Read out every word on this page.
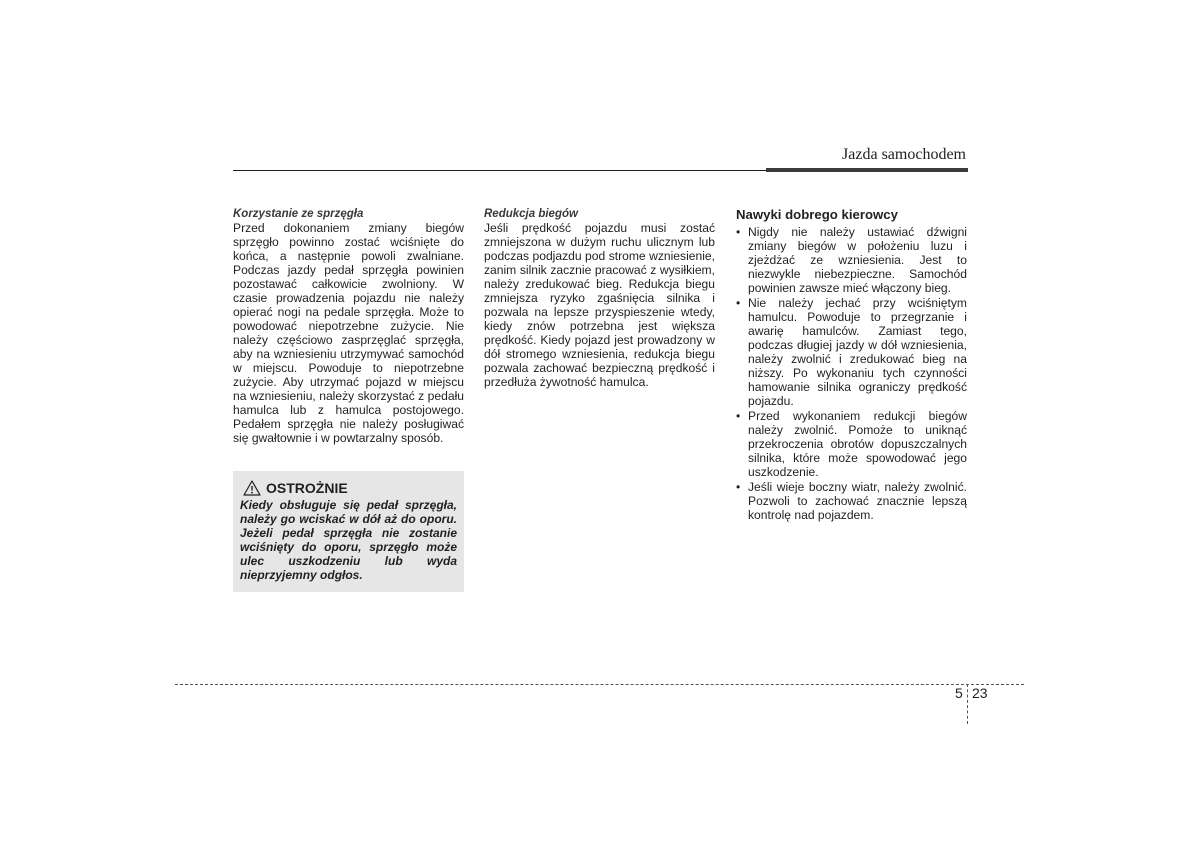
Jazda samochodem
Korzystanie ze sprzęgła

Przed dokonaniem zmiany biegów sprzęgło powinno zostać wciśnięte do końca, a następnie powoli zwalniane. Podczas jazdy pedał sprzęgła powinien pozostawać całkowicie zwolniony. W czasie prowadzenia pojazdu nie należy opierać nogi na pedale sprzęgła. Może to powodować niepotrzebne zużycie. Nie należy częściowo zasprzęglać sprzęgła, aby na wzniesieniu utrzymywać samochód w miejscu. Powoduje to niepotrzebne zużycie. Aby utrzymać pojazd w miejscu na wzniesieniu, należy skorzystać z pedału hamulca lub z hamulca postojowego. Pedałem sprzęgła nie należy posługiwać się gwałtownie i w powtarzalny sposób.

OSTROŻNIE

Kiedy obsługuje się pedał sprzęgła, należy go wciskać w dół aż do oporu. Jeżeli pedał sprzęgła nie zostanie wciśnięty do oporu, sprzęgło może ulec uszkodzeniu lub wyda nieprzyjemny odgłos.

Redukcja biegów

Jeśli prędkość pojazdu musi zostać zmniejszona w dużym ruchu ulicznym lub podczas podjazdu pod strome wzniesienie, zanim silnik zacznie pracować z wysiłkiem, należy zredukować bieg. Redukcja biegu zmniejsza ryzyko zgaśnięcia silnika i pozwala na lepsze przyspieszenie wtedy, kiedy znów potrzebna jest większa prędkość. Kiedy pojazd jest prowadzony w dół stromego wzniesienia, redukcja biegu pozwala zachować bezpieczną prędkość i przedłuża żywotność hamulca.

Nawyki dobrego kierowcy
• Nigdy nie należy ustawiać dźwigni zmiany biegów w położeniu luzu i zjeżdżać ze wzniesienia. Jest to niezwykle niebezpieczne. Samochód powinien zawsze mieć włączony bieg.
• Nie należy jechać przy wciśniętym hamulcu. Powoduje to przegrzanie i awarię hamulców. Zamiast tego, podczas długiej jazdy w dół wzniesienia, należy zwolnić i zredukować bieg na niższy. Po wykonaniu tych czynności hamowanie silnika ograniczy prędkość pojazdu.
• Przed wykonaniem redukcji biegów należy zwolnić. Pomoże to uniknąć przekroczenia obrotów dopuszczalnych silnika, które może spowodować jego uszkodzenie.
• Jeśli wieje boczny wiatr, należy zwolnić. Pozwoli to zachować znacznie lepszą kontrolę nad pojazdem.
5 23
